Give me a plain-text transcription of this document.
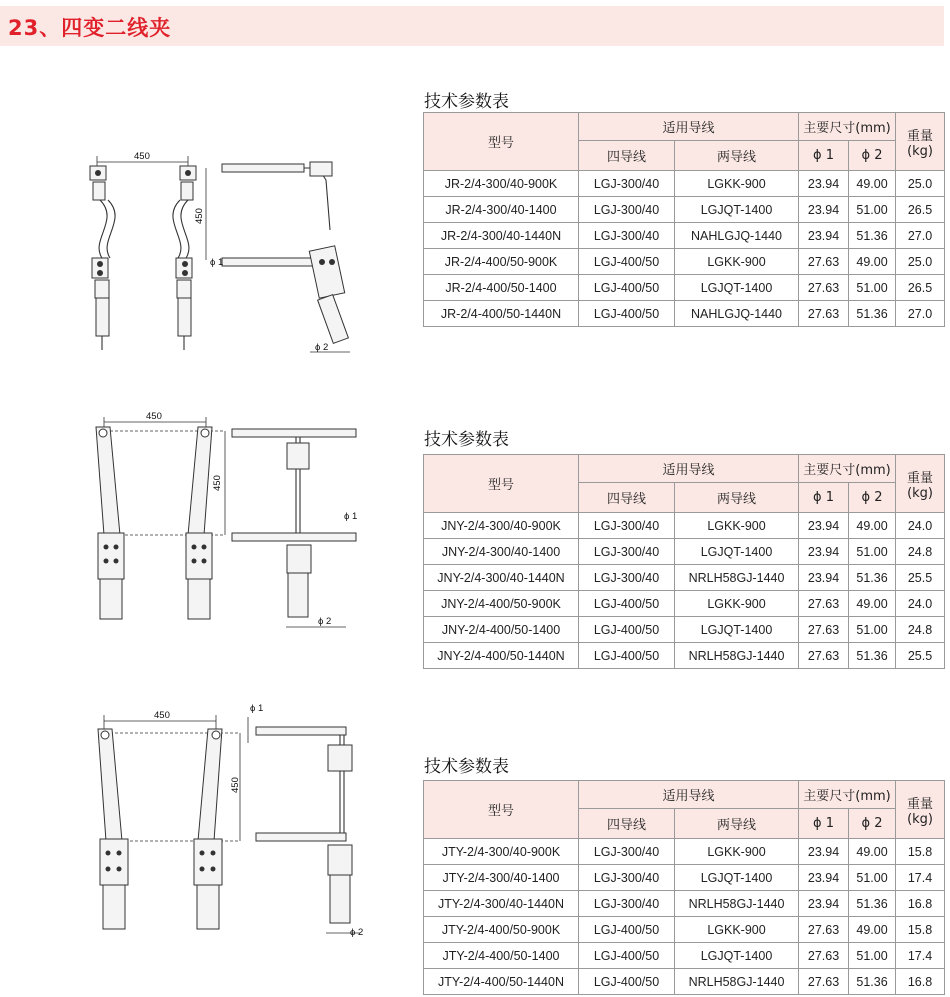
23、四变二线夹
技术参数表
450
450
ϕ 1
ϕ 2
型号	适用导线		主要尺寸(mm)		重量
(kg)
	四导线	两导线	ϕ 1	ϕ 2	
JR-2/4-300/40-900K	LGJ-300/40	LGKK-900	23.94	49.00	25.0
JR-2/4-300/40-1400	LGJ-300/40	LGJQT-1400	23.94	51.00	26.5
JR-2/4-300/40-1440N	LGJ-300/40	NAHLGJQ-1440	23.94	51.36	27.0
JR-2/4-400/50-900K	LGJ-400/50	LGKK-900	27.63	49.00	25.0
JR-2/4-400/50-1400	LGJ-400/50	LGJQT-1400	27.63	51.00	26.5
JR-2/4-400/50-1440N	LGJ-400/50	NAHLGJQ-1440	27.63	51.36	27.0
技术参数表
450
450
ϕ 1
ϕ 2
型号	适用导线		主要尺寸(mm)		重量
(kg)
	四导线	两导线	ϕ 1	ϕ 2	
JNY-2/4-300/40-900K	LGJ-300/40	LGKK-900	23.94	49.00	24.0
JNY-2/4-300/40-1400	LGJ-300/40	LGJQT-1400	23.94	51.00	24.8
JNY-2/4-300/40-1440N	LGJ-300/40	NRLH58GJ-1440	23.94	51.36	25.5
JNY-2/4-400/50-900K	LGJ-400/50	LGKK-900	27.63	49.00	24.0
JNY-2/4-400/50-1400	LGJ-400/50	LGJQT-1400	27.63	51.00	24.8
JNY-2/4-400/50-1440N	LGJ-400/50	NRLH58GJ-1440	27.63	51.36	25.5
技术参数表
450
450
ϕ 1
ϕ 2
型号	适用导线		主要尺寸(mm)		重量
(kg)
	四导线	两导线	ϕ 1	ϕ 2	
JTY-2/4-300/40-900K	LGJ-300/40	LGKK-900	23.94	49.00	15.8
JTY-2/4-300/40-1400	LGJ-300/40	LGJQT-1400	23.94	51.00	17.4
JTY-2/4-300/40-1440N	LGJ-300/40	NRLH58GJ-1440	23.94	51.36	16.8
JTY-2/4-400/50-900K	LGJ-400/50	LGKK-900	27.63	49.00	15.8
JTY-2/4-400/50-1400	LGJ-400/50	LGJQT-1400	27.63	51.00	17.4
JTY-2/4-400/50-1440N	LGJ-400/50	NRLH58GJ-1440	27.63	51.36	16.8
